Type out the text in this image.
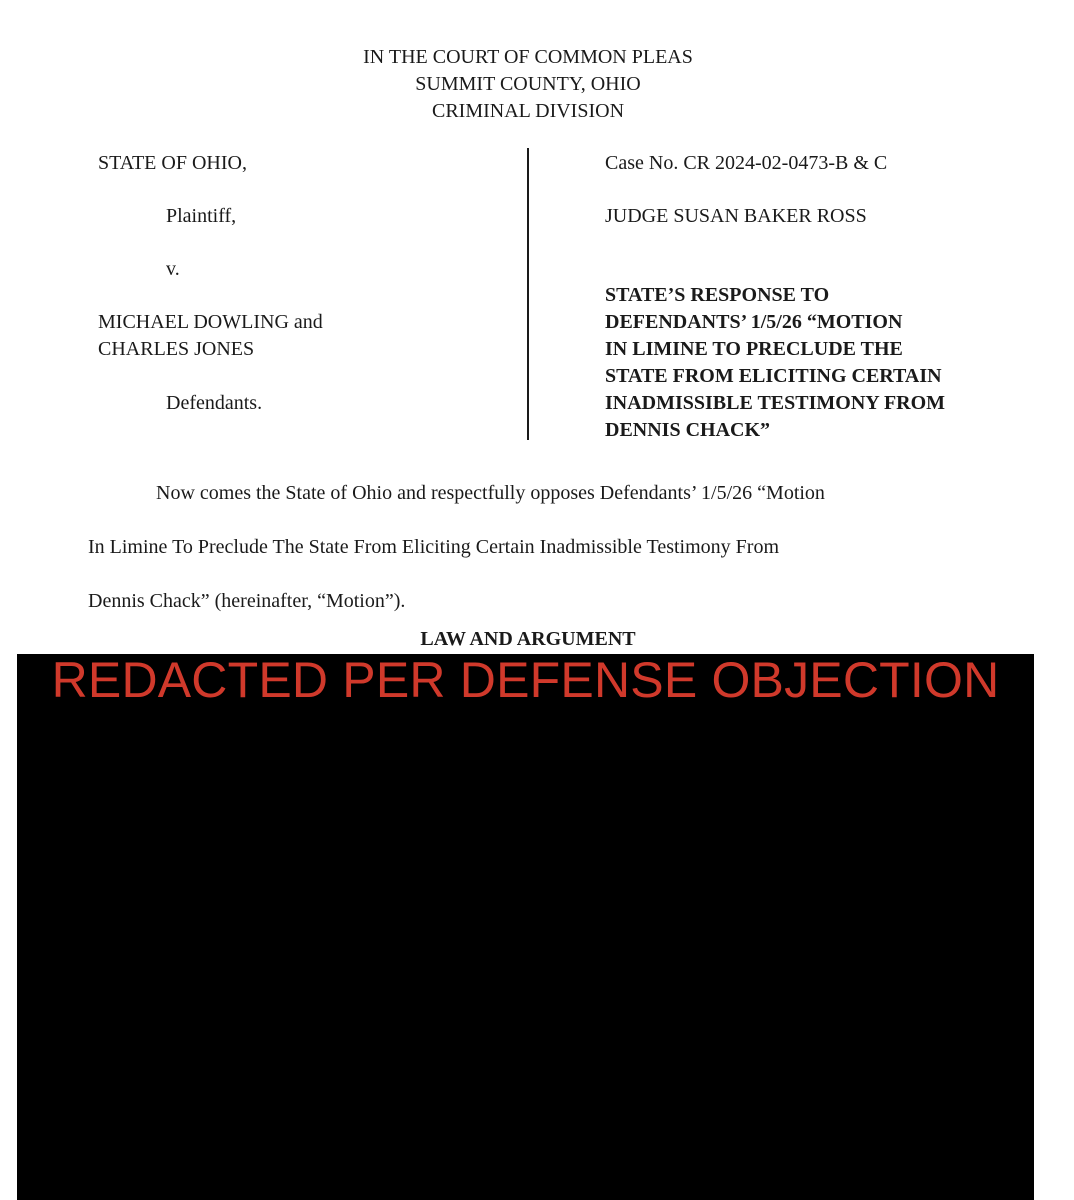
IN THE COURT OF COMMON PLEAS
SUMMIT COUNTY, OHIO
CRIMINAL DIVISION
STATE OF OHIO,
Plaintiff,
v.
MICHAEL DOWLING and
CHARLES JONES
Defendants.
Case No. CR 2024-02-0473-B & C
JUDGE SUSAN BAKER ROSS
STATE’S RESPONSE TO
DEFENDANTS’ 1/5/26 “MOTION
IN LIMINE TO PRECLUDE THE
STATE FROM ELICITING CERTAIN
INADMISSIBLE TESTIMONY FROM
DENNIS CHACK”
Now comes the State of Ohio and respectfully opposes Defendants’ 1/5/26 “Motion
In Limine To Preclude The State From Eliciting Certain Inadmissible Testimony From
Dennis Chack” (hereinafter, “Motion”).
LAW AND ARGUMENT
REDACTED PER DEFENSE OBJECTION
